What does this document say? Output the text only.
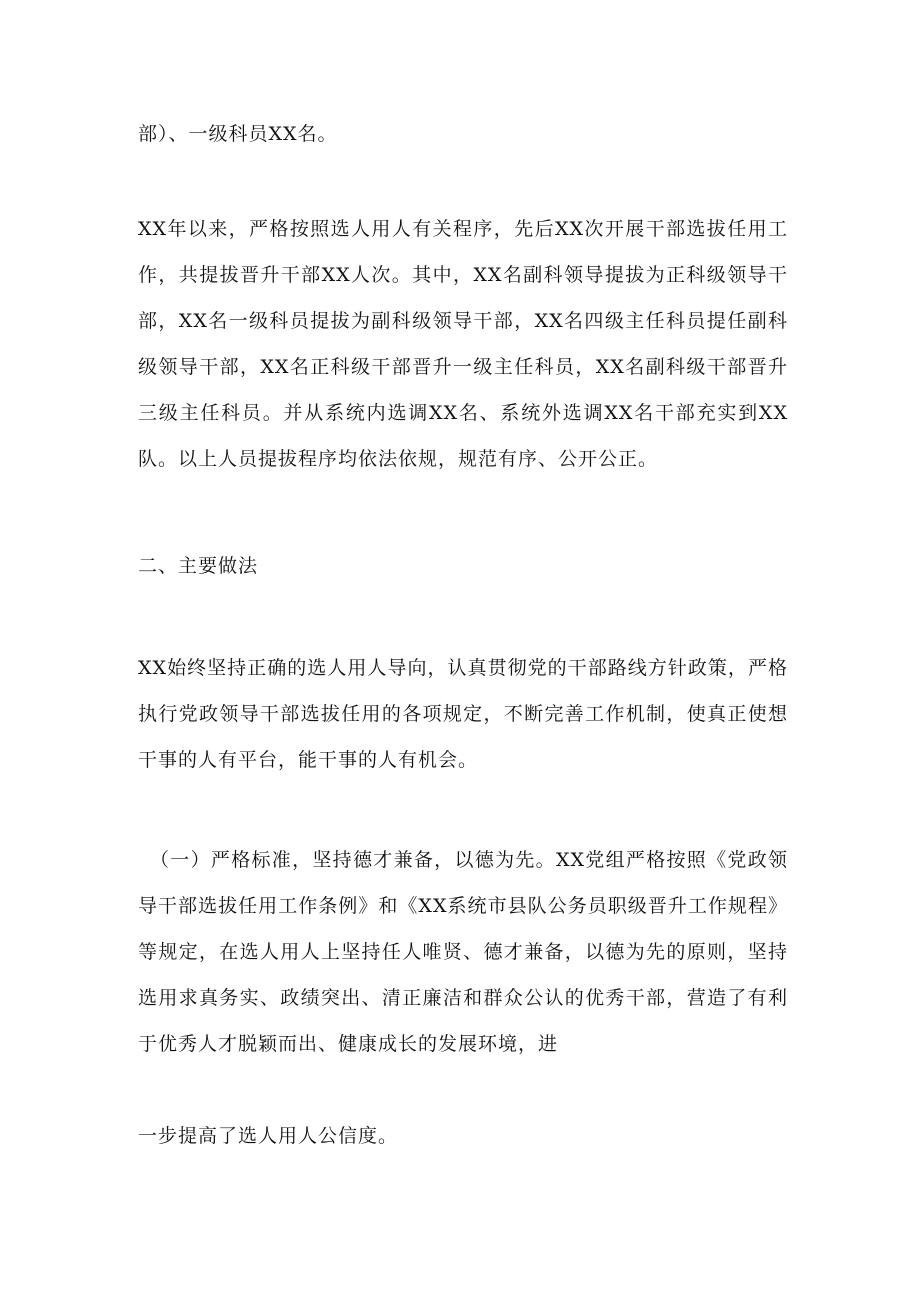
部）、一级科员XX名。

XX年以来，严格按照选人用人有关程序，先后XX次开展干部选拔任用工作，共提拔晋升干部XX人次。其中，XX名副科领导提拔为正科级领导干部，XX名一级科员提拔为副科级领导干部，XX名四级主任科员提任副科级领导干部，XX名正科级干部晋升一级主任科员，XX名副科级干部晋升三级主任科员。并从系统内选调XX名、系统外选调XX名干部充实到XX队。以上人员提拔程序均依法依规，规范有序、公开公正。

二、主要做法

XX始终坚持正确的选人用人导向，认真贯彻党的干部路线方针政策，严格执行党政领导干部选拔任用的各项规定，不断完善工作机制，使真正使想干事的人有平台，能干事的人有机会。

（一）严格标准，坚持德才兼备，以德为先。XX党组严格按照《党政领导干部选拔任用工作条例》和《XX系统市县队公务员职级晋升工作规程》等规定，在选人用人上坚持任人唯贤、德才兼备，以德为先的原则，坚持选用求真务实、政绩突出、清正廉洁和群众公认的优秀干部，营造了有利于优秀人才脱颖而出、健康成长的发展环境，进

一步提高了选人用人公信度。
